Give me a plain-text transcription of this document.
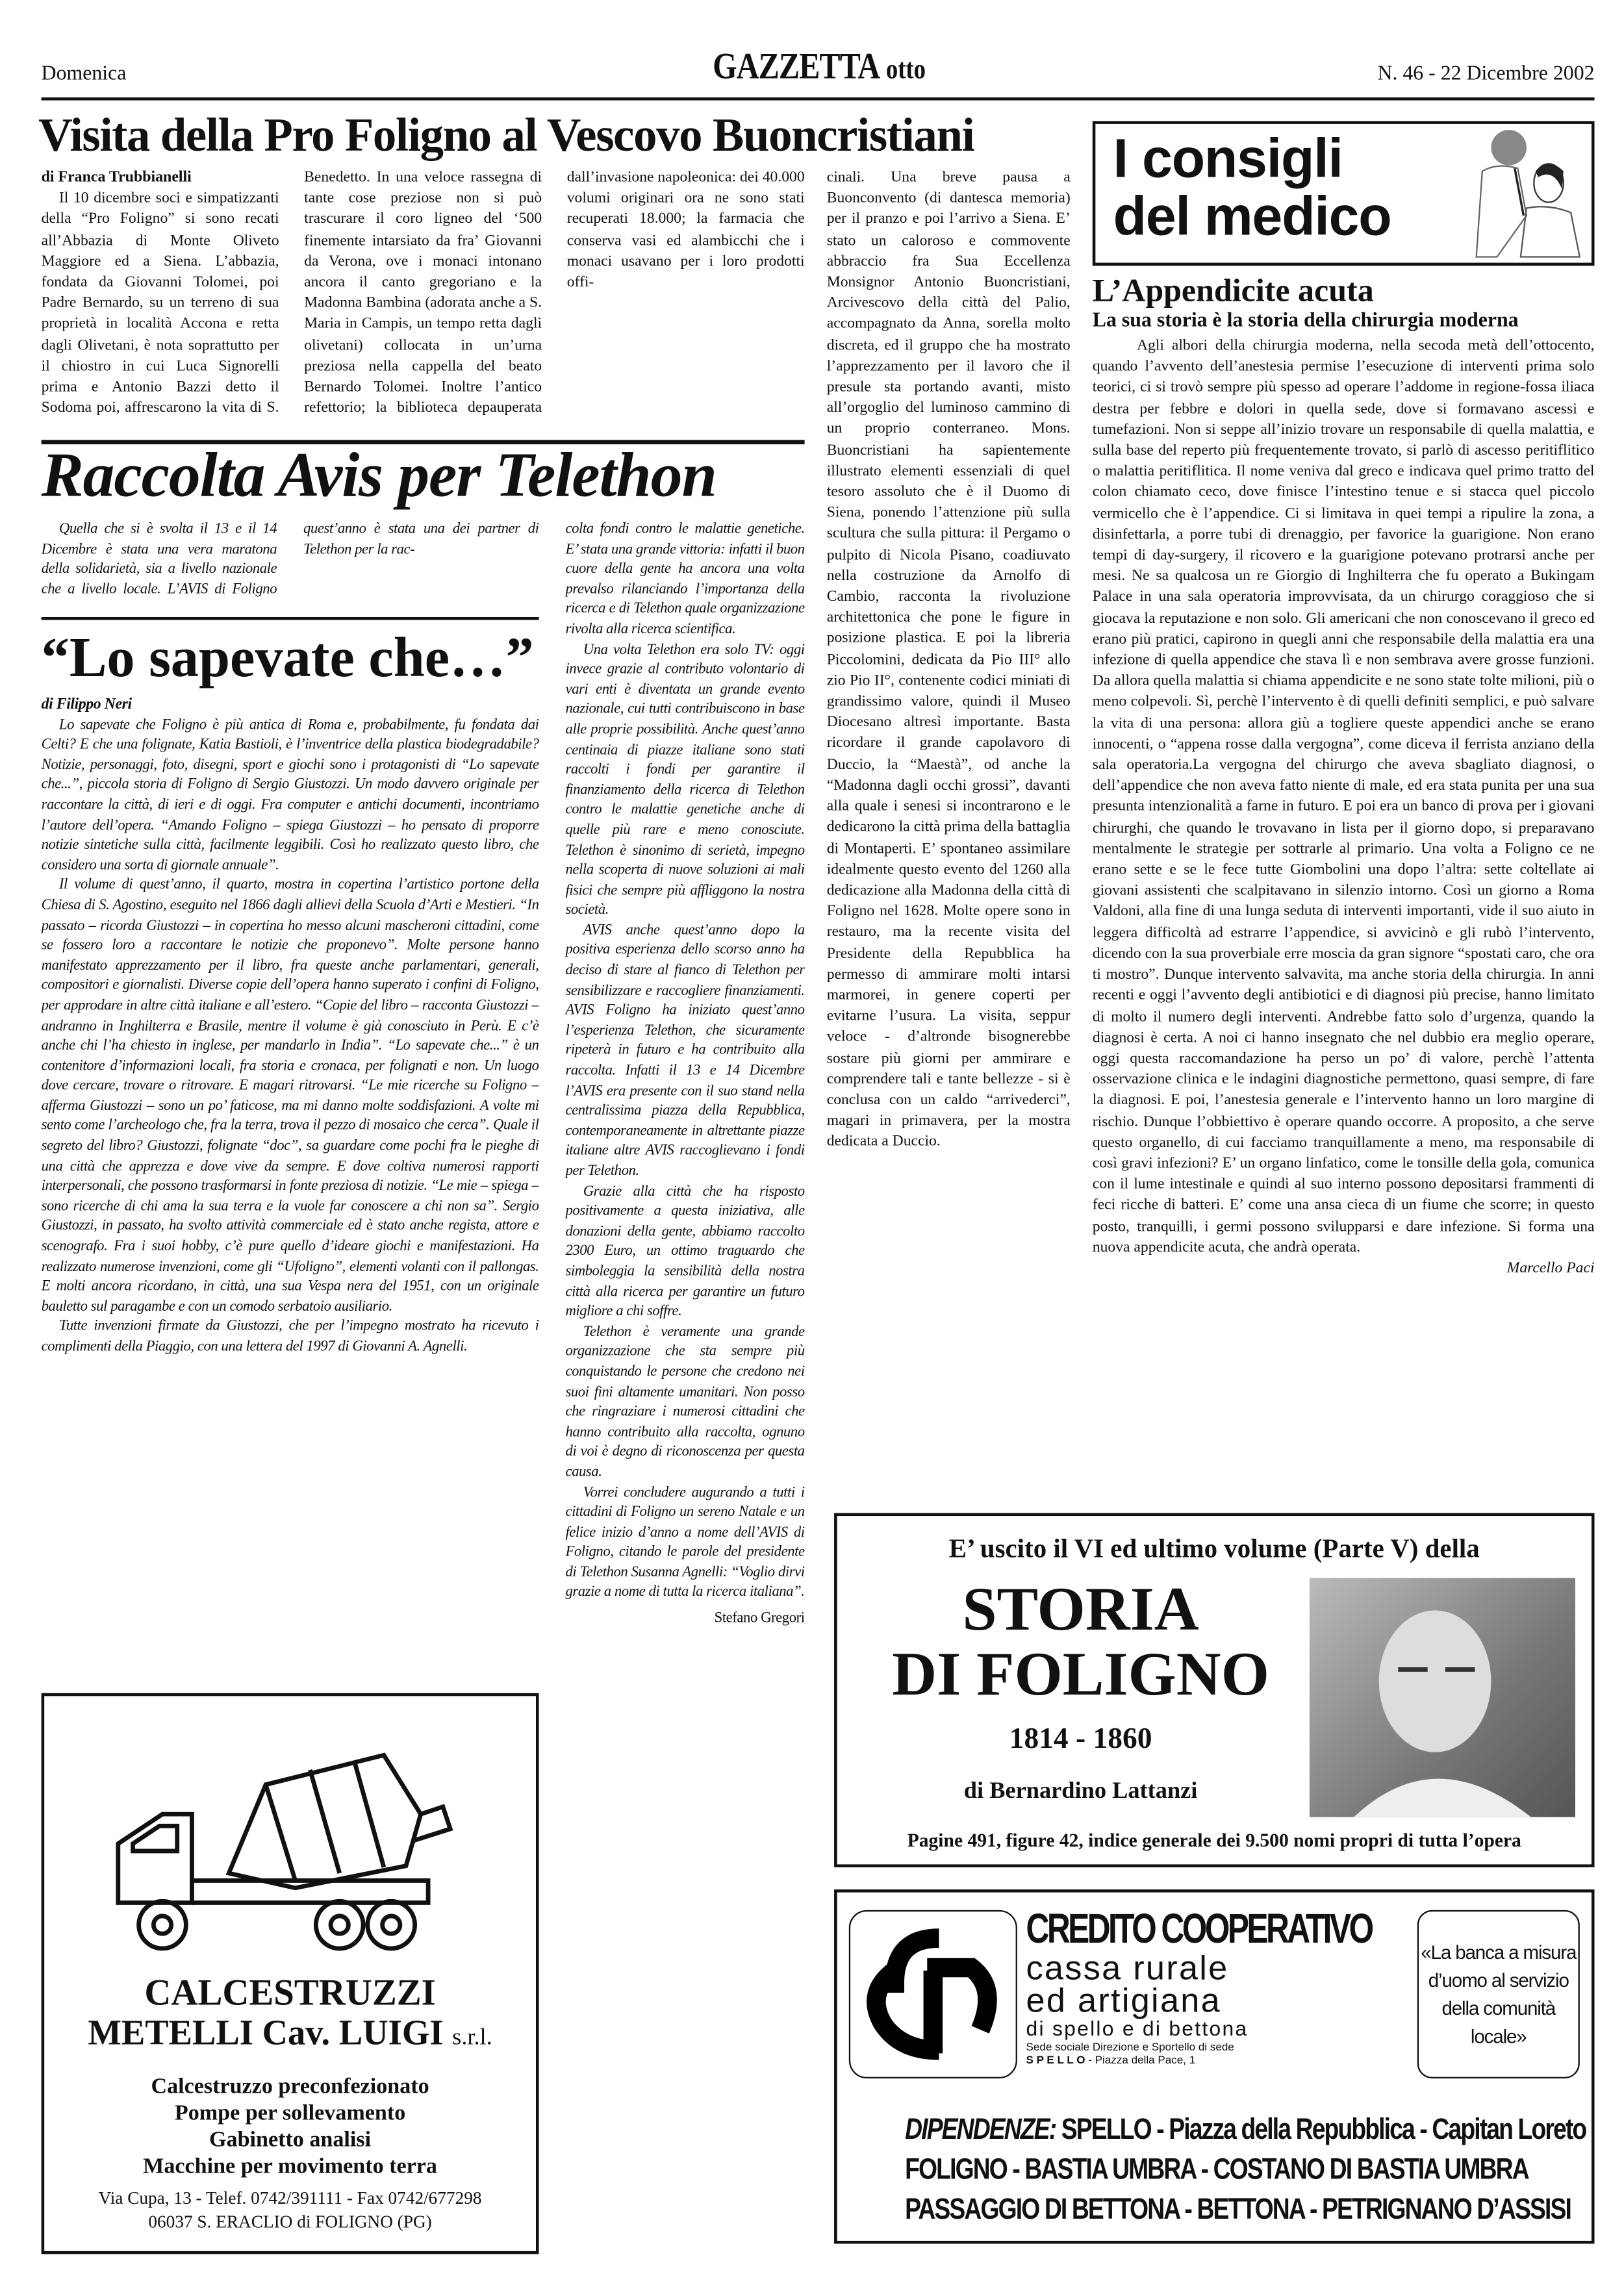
Domenica	GAZZETTA otto	N. 46 - 22 Dicembre 2002
Visita della Pro Foligno al Vescovo Buoncristiani

di Franca Trubbianelli

Il 10 dicembre soci e simpatizzanti della “Pro Foligno” si sono recati all’Abbazia di Monte Oliveto Maggiore ed a Siena. L’abbazia, fondata da Giovanni Tolomei, poi Padre Bernardo, su un terreno di sua proprietà in località Accona e retta dagli Olivetani, è nota soprattutto per il chiostro in cui Luca Signorelli prima e Antonio Bazzi detto il Sodoma poi, affrescarono la vita di S. Benedetto. In una veloce rassegna di tante cose preziose non si può trascurare il coro ligneo del ‘500 finemente intarsiato da fra’ Giovanni da Verona, ove i monaci intonano ancora il canto gregoriano e la Madonna Bambina (adorata anche a S. Maria in Campis, un tempo retta dagli olivetani) collocata in un’urna preziosa nella cappella del beato Bernardo Tolomei. Inoltre l’antico refettorio; la biblioteca depauperata dall’invasione napoleonica: dei 40.000 volumi originari ora ne sono stati recuperati 18.000; la farmacia che conserva vasi ed alambicchi che i monaci usavano per i loro prodotti offi-

cinali. Una breve pausa a Buonconvento (di dantesca memoria) per il pranzo e poi l’arrivo a Siena. E’ stato un caloroso e commovente abbraccio fra Sua Eccellenza Monsignor Antonio Buoncristiani, Arcivescovo della città del Palio, accompagnato da Anna, sorella molto discreta, ed il gruppo che ha mostrato l’apprezzamento per il lavoro che il presule sta portando avanti, misto all’orgoglio del luminoso cammino di un proprio conterraneo. Mons. Buoncristiani ha sapientemente illustrato elementi essenziali di quel tesoro assoluto che è il Duomo di Siena, ponendo l’attenzione più sulla scultura che sulla pittura: il Pergamo o pulpito di Nicola Pisano, coadiuvato nella costruzione da Arnolfo di Cambio, racconta la rivoluzione architettonica che pone le figure in posizione plastica. E poi la libreria Piccolomini, dedicata da Pio III° allo zio Pio II°, contenente codici miniati di grandissimo valore, quindi il Museo Diocesano altresì importante. Basta ricordare il grande capolavoro di Duccio, la “Maestà”, od anche la “Madonna dagli occhi grossi”, davanti alla quale i senesi si incontrarono e le dedicarono la città prima della battaglia di Montaperti. E’ spontaneo assimilare idealmente questo evento del 1260 alla dedicazione alla Madonna della città di Foligno nel 1628. Molte opere sono in restauro, ma la recente visita del Presidente della Repubblica ha permesso di ammirare molti intarsi marmorei, in genere coperti per evitarne l’usura. La visita, seppur veloce - d’altronde bisognerebbe sostare più giorni per ammirare e comprendere tali e tante bellezze - si è conclusa con un caldo “arrivederci”, magari in primavera, per la mostra dedicata a Duccio.

Raccolta Avis per Telethon

Quella che si è svolta il 13 e il 14 Dicembre è stata una vera maratona della solidarietà, sia a livello nazionale che a livello locale. L’AVIS di Foligno quest’anno è stata una dei partner di Telethon per la rac-

colta fondi contro le malattie genetiche. E’ stata una grande vittoria: infatti il buon cuore della gente ha ancora una volta prevalso rilanciando l’importanza della ricerca e di Telethon quale organizzazione rivolta alla ricerca scientifica.

Una volta Telethon era solo TV: oggi invece grazie al contributo volontario di vari enti è diventata un grande evento nazionale, cui tutti contribuiscono in base alle proprie possibilità. Anche quest’anno centinaia di piazze italiane sono stati raccolti i fondi per garantire il finanziamento della ricerca di Telethon contro le malattie genetiche anche di quelle più rare e meno conosciute. Telethon è sinonimo di serietà, impegno nella scoperta di nuove soluzioni ai mali fisici che sempre più affliggono la nostra società.

AVIS anche quest’anno dopo la positiva esperienza dello scorso anno ha deciso di stare al fianco di Telethon per sensibilizzare e raccogliere finanziamenti. AVIS Foligno ha iniziato quest’anno l’esperienza Telethon, che sicuramente ripeterà in futuro e ha contribuito alla raccolta. Infatti il 13 e 14 Dicembre l’AVIS era presente con il suo stand nella centralissima piazza della Repubblica, contemporaneamente in altrettante piazze italiane altre AVIS raccoglievano i fondi per Telethon.

Grazie alla città che ha risposto positivamente a questa iniziativa, alle donazioni della gente, abbiamo raccolto 2300 Euro, un ottimo traguardo che simboleggia la sensibilità della nostra città alla ricerca per garantire un futuro migliore a chi soffre.

Telethon è veramente una grande organizzazione che sta sempre più conquistando le persone che credono nei suoi fini altamente umanitari. Non posso che ringraziare i numerosi cittadini che hanno contribuito alla raccolta, ognuno di voi è degno di riconoscenza per questa causa.

Vorrei concludere augurando a tutti i cittadini di Foligno un sereno Natale e un felice inizio d’anno a nome dell’AVIS di Foligno, citando le parole del presidente di Telethon Susanna Agnelli: “Voglio dirvi grazie a nome di tutta la ricerca italiana”.

Stefano Gregori

“Lo sapevate che…”

di Filippo Neri

Lo sapevate che Foligno è più antica di Roma e, probabilmente, fu fondata dai Celti? E che una folignate, Katia Bastioli, è l’inventrice della plastica biodegradabile? Notizie, personaggi, foto, disegni, sport e giochi sono i protagonisti di “Lo sapevate che...”, piccola storia di Foligno di Sergio Giustozzi. Un modo davvero originale per raccontare la città, di ieri e di oggi. Fra computer e antichi documenti, incontriamo l’autore dell’opera. “Amando Foligno – spiega Giustozzi – ho pensato di proporre notizie sintetiche sulla città, facilmente leggibili. Così ho realizzato questo libro, che considero una sorta di giornale annuale”.

Il volume di quest’anno, il quarto, mostra in copertina l’artistico portone della Chiesa di S. Agostino, eseguito nel 1866 dagli allievi della Scuola d’Arti e Mestieri. “In passato – ricorda Giustozzi – in copertina ho messo alcuni mascheroni cittadini, come se fossero loro a raccontare le notizie che proponevo”. Molte persone hanno manifestato apprezzamento per il libro, fra queste anche parlamentari, generali, compositori e giornalisti. Diverse copie dell’opera hanno superato i confini di Foligno, per approdare in altre città italiane e all’estero. “Copie del libro – racconta Giustozzi – andranno in Inghilterra e Brasile, mentre il volume è già conosciuto in Perù. E c’è anche chi l’ha chiesto in inglese, per mandarlo in India”. “Lo sapevate che...” è un contenitore d’informazioni locali, fra storia e cronaca, per folignati e non. Un luogo dove cercare, trovare o ritrovare. E magari ritrovarsi. “Le mie ricerche su Foligno – afferma Giustozzi – sono un po’ faticose, ma mi danno molte soddisfazioni. A volte mi sento come l’archeologo che, fra la terra, trova il pezzo di mosaico che cerca”. Quale il segreto del libro? Giustozzi, folignate “doc”, sa guardare come pochi fra le pieghe di una città che apprezza e dove vive da sempre. E dove coltiva numerosi rapporti interpersonali, che possono trasformarsi in fonte preziosa di notizie. “Le mie – spiega – sono ricerche di chi ama la sua terra e la vuole far conoscere a chi non sa”. Sergio Giustozzi, in passato, ha svolto attività commerciale ed è stato anche regista, attore e scenografo. Fra i suoi hobby, c’è pure quello d’ideare giochi e manifestazioni. Ha realizzato numerose invenzioni, come gli “Ufoligno”, elementi volanti con il pallongas. E molti ancora ricordano, in città, una sua Vespa nera del 1951, con un originale bauletto sul paragambe e con un comodo serbatoio ausiliario.

Tutte invenzioni firmate da Giustozzi, che per l’impegno mostrato ha ricevuto i complimenti della Piaggio, con una lettera del 1997 di Giovanni A. Agnelli.

CALCESTRUZZI
METELLI Cav. LUIGI s.r.l.
Calcestruzzo preconfezionato
Pompe per sollevamento
Gabinetto analisi
Macchine per movimento terra
Via Cupa, 13 - Telef. 0742/391111 - Fax 0742/677298
06037 S. ERACLIO di FOLIGNO (PG)
I consigli
del medico
L’Appendicite acuta
La sua storia è la storia della chirurgia moderna

Agli albori della chirurgia moderna, nella secoda metà dell’ottocento, quando l’avvento dell’anestesia permise l’esecuzione di interventi prima solo teorici, ci si trovò sempre più spesso ad operare l’addome in regione-fossa iliaca destra per febbre e dolori in quella sede, dove si formavano ascessi e tumefazioni. Non si seppe all’inizio trovare un responsabile di quella malattia, e sulla base del reperto più frequentemente trovato, si parlò di ascesso peritiflitico o malattia peritiflitica. Il nome veniva dal greco e indicava quel primo tratto del colon chiamato ceco, dove finisce l’intestino tenue e si stacca quel piccolo vermicello che è l’appendice. Ci si limitava in quei tempi a ripulire la zona, a disinfettarla, a porre tubi di drenaggio, per favorice la guarigione. Non erano tempi di day-surgery, il ricovero e la guarigione potevano protrarsi anche per mesi. Ne sa qualcosa un re Giorgio di Inghilterra che fu operato a Bukingam Palace in una sala operatoria improvvisata, da un chirurgo coraggioso che si giocava la reputazione e non solo. Gli americani che non conoscevano il greco ed erano più pratici, capirono in quegli anni che responsabile della malattia era una infezione di quella appendice che stava lì e non sembrava avere grosse funzioni. Da allora quella malattia si chiama appendicite e ne sono state tolte milioni, più o meno colpevoli. Sì, perchè l’intervento è di quelli definiti semplici, e può salvare la vita di una persona: allora giù a togliere queste appendici anche se erano innocenti, o “appena rosse dalla vergogna”, come diceva il ferrista anziano della sala operatoria.La vergogna del chirurgo che aveva sbagliato diagnosi, o dell’appendice che non aveva fatto niente di male, ed era stata punita per una sua presunta intenzionalità a farne in futuro. E poi era un banco di prova per i giovani chirurghi, che quando le trovavano in lista per il giorno dopo, si preparavano mentalmente le strategie per sottrarle al primario. Una volta a Foligno ce ne erano sette e se le fece tutte Giombolini una dopo l’altra: sette coltellate ai giovani assistenti che scalpitavano in silenzio intorno. Così un giorno a Roma Valdoni, alla fine di una lunga seduta di interventi importanti, vide il suo aiuto in leggera difficoltà ad estrarre l’appendice, si avvicinò e gli rubò l’intervento, dicendo con la sua proverbiale erre moscia da gran signore “spostati caro, che ora ti mostro”. Dunque intervento salvavita, ma anche storia della chirurgia. In anni recenti e oggi l’avvento degli antibiotici e di diagnosi più precise, hanno limitato di molto il numero degli interventi. Andrebbe fatto solo d’urgenza, quando la diagnosi è certa. A noi ci hanno insegnato che nel dubbio era meglio operare, oggi questa raccomandazione ha perso un po’ di valore, perchè l’attenta osservazione clinica e le indagini diagnostiche permettono, quasi sempre, di fare la diagnosi. E poi, l’anestesia generale e l’intervento hanno un loro margine di rischio. Dunque l’obbiettivo è operare quando occorre. A proposito, a che serve questo organello, di cui facciamo tranquillamente a meno, ma responsabile di così gravi infezioni? E’ un organo linfatico, come le tonsille della gola, comunica con il lume intestinale e quindi al suo interno possono depositarsi frammenti di feci ricche di batteri. E’ come una ansa cieca di un fiume che scorre; in questo posto, tranquilli, i germi possono svilupparsi e dare infezione. Si forma una nuova appendicite acuta, che andrà operata.

Marcello Paci

E’ uscito il VI ed ultimo volume (Parte V) della
STORIA
DI FOLIGNO
1814 - 1860
di Bernardino Lattanzi
Pagine 491, figure 42, indice generale dei 9.500 nomi propri di tutta l’opera
CREDITO COOPERATIVO
cassa rurale
ed artigiana
di spello e di bettona
Sede sociale Direzione e Sportello di sede
S P E L L O - Piazza della Pace, 1
«La banca a misura d’uomo al servizio della comunità locale»
DIPENDENZE: SPELLO - Piazza della Repubblica - Capitan Loreto
FOLIGNO - BASTIA UMBRA - COSTANO DI BASTIA UMBRA
PASSAGGIO DI BETTONA - BETTONA - PETRIGNANO D’ASSISI
